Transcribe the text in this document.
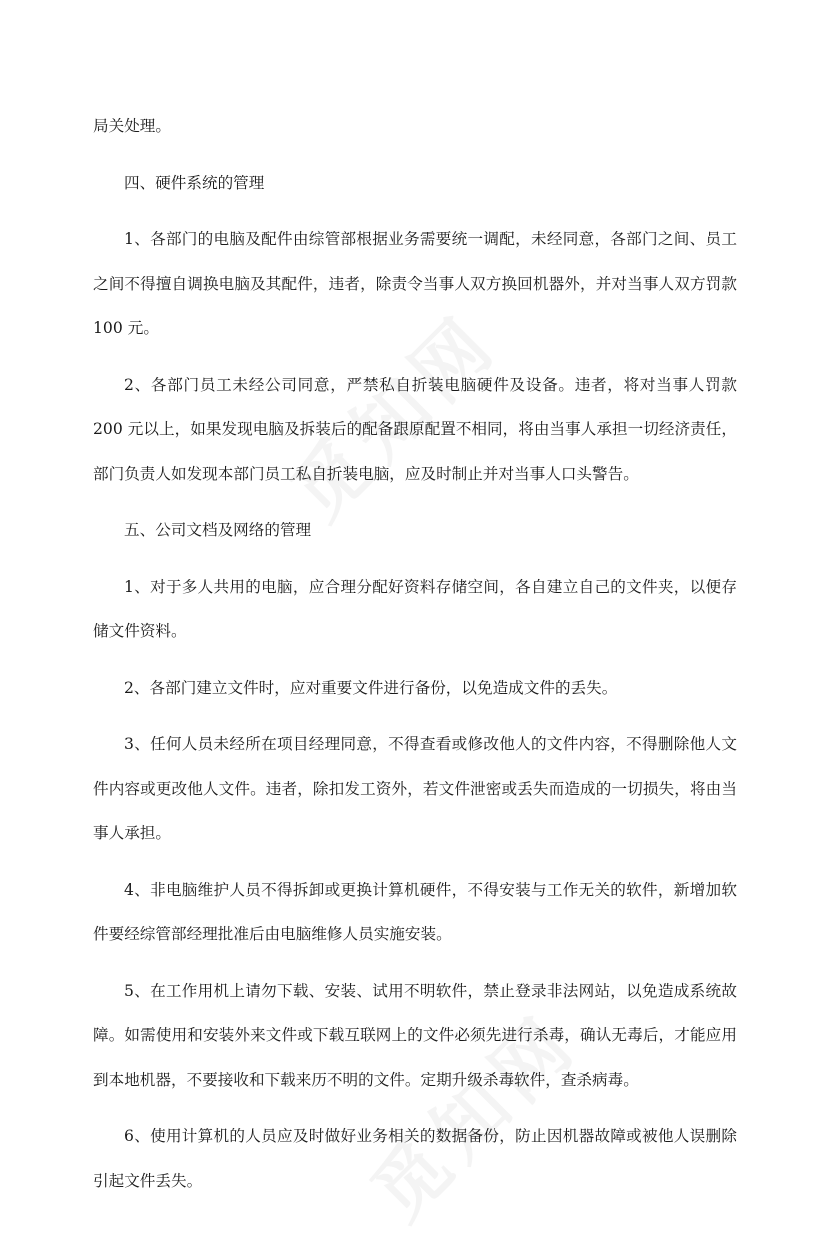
局关处理。

四、硬件系统的管理

1、各部门的电脑及配件由综管部根据业务需要统一调配，未经同意，各部门之间、员工之间不得擅自调换电脑及其配件，违者，除责令当事人双方换回机器外，并对当事人双方罚款 100 元。

2、各部门员工未经公司同意，严禁私自折装电脑硬件及设备。违者，将对当事人罚款 200 元以上，如果发现电脑及拆装后的配备跟原配置不相同，将由当事人承担一切经济责任，部门负责人如发现本部门员工私自折装电脑，应及时制止并对当事人口头警告。

五、公司文档及网络的管理

1、对于多人共用的电脑，应合理分配好资料存储空间，各自建立自己的文件夹，以便存储文件资料。

2、各部门建立文件时，应对重要文件进行备份，以免造成文件的丢失。

3、任何人员未经所在项目经理同意，不得查看或修改他人的文件内容，不得删除他人文件内容或更改他人文件。违者，除扣发工资外，若文件泄密或丢失而造成的一切损失，将由当事人承担。

4、非电脑维护人员不得拆卸或更换计算机硬件，不得安装与工作无关的软件，新增加软件要经综管部经理批准后由电脑维修人员实施安装。

5、在工作用机上请勿下载、安装、试用不明软件，禁止登录非法网站，以免造成系统故障。如需使用和安装外来文件或下载互联网上的文件必须先进行杀毒，确认无毒后，才能应用到本地机器，不要接收和下载来历不明的文件。定期升级杀毒软件，查杀病毒。

6、使用计算机的人员应及时做好业务相关的数据备份，防止因机器故障或被他人误删除引起文件丢失。
